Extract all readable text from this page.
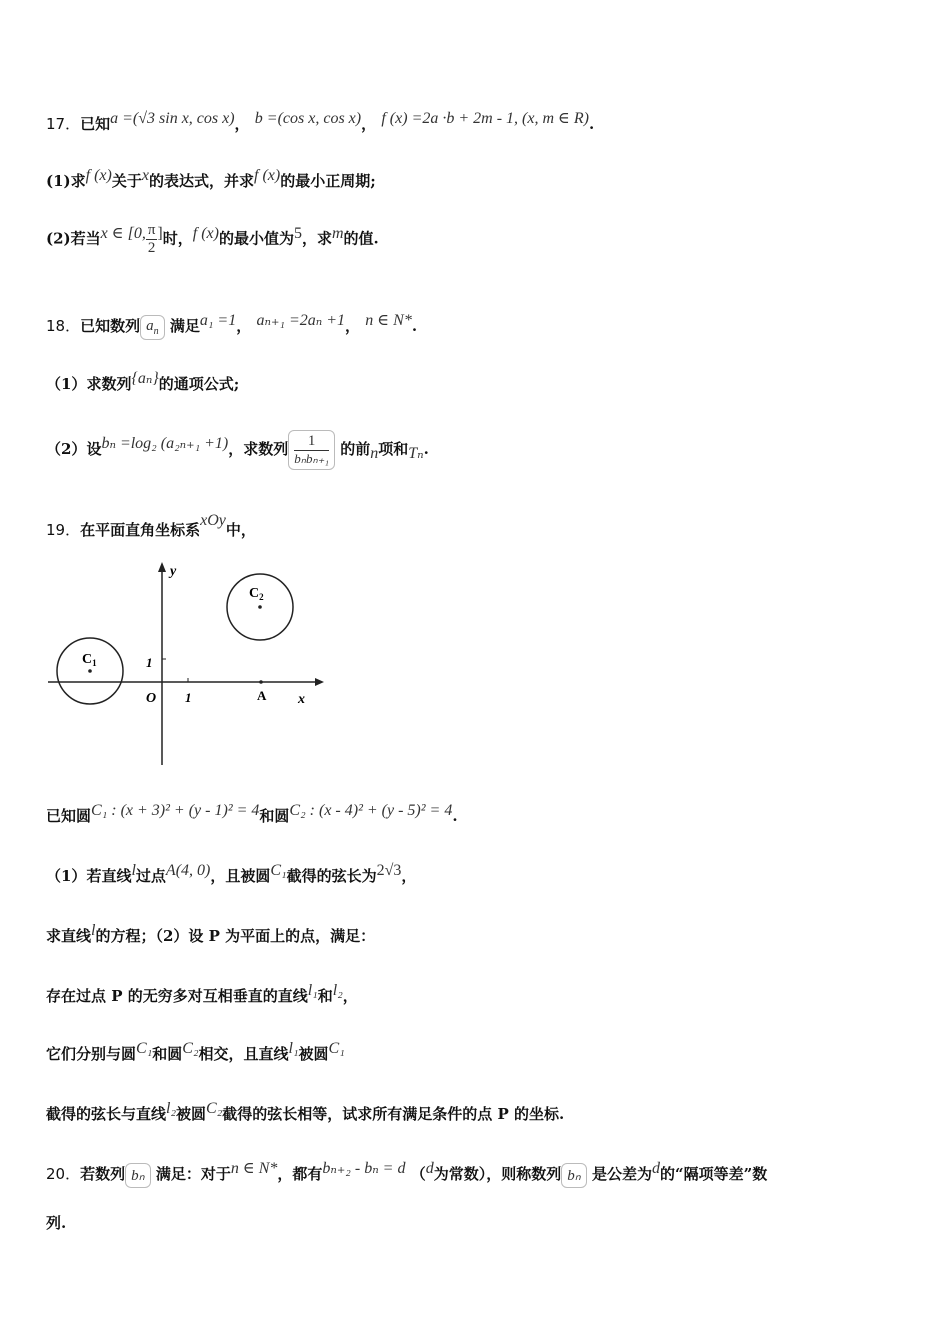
17．已知a =(√3 sin x, cos x)， b =(cos x, cos x)， f (x) =2a ·b + 2m - 1, (x, m ∈ R).
(1)求f (x)关于x的表达式，并求f (x)的最小正周期;
(2)若当x ∈ [0, $\frac{\pi}{2}$ ]时，f (x)的最小值为5，求m的值.
18．已知数列 $a_n$ 满足a₁ =1， aₙ₊₁ =2aₙ +1， n ∈ N*.
（1）求数列{aₙ}的通项公式;
（2）设bₙ =log₂ (a₂ₙ₊₁ +1)，求数列 $\frac{1}{\text{bₙbₙ₊₁}}$ 的前n项和Tₙ.
19．在平面直角坐标系xOy中，
y
x
O 1
1
A
$C_1$
$C_2$
已知圆C₁ : (x + 3)² + (y - 1)² = 4和圆C₂ : (x - 4)² + (y - 5)² = 4.
（1）若直线l过点A(4, 0)，且被圆C₁截得的弦长为2√3，
求直线l的方程；（2）设 P 为平面上的点，满足：
存在过点 P 的无穷多对互相垂直的直线l₁和l₂，
它们分别与圆C₁和圆C₂相交，且直线l₁被圆C₁
截得的弦长与直线l₂被圆C₂截得的弦长相等，试求所有满足条件的点 P 的坐标.
20．若数列 bₙ 满足：对于n ∈ N*，都有bₙ₊₂ - bₙ = d （d为常数），则称数列 bₙ 是公差为d的“隔项等差”数
列.
